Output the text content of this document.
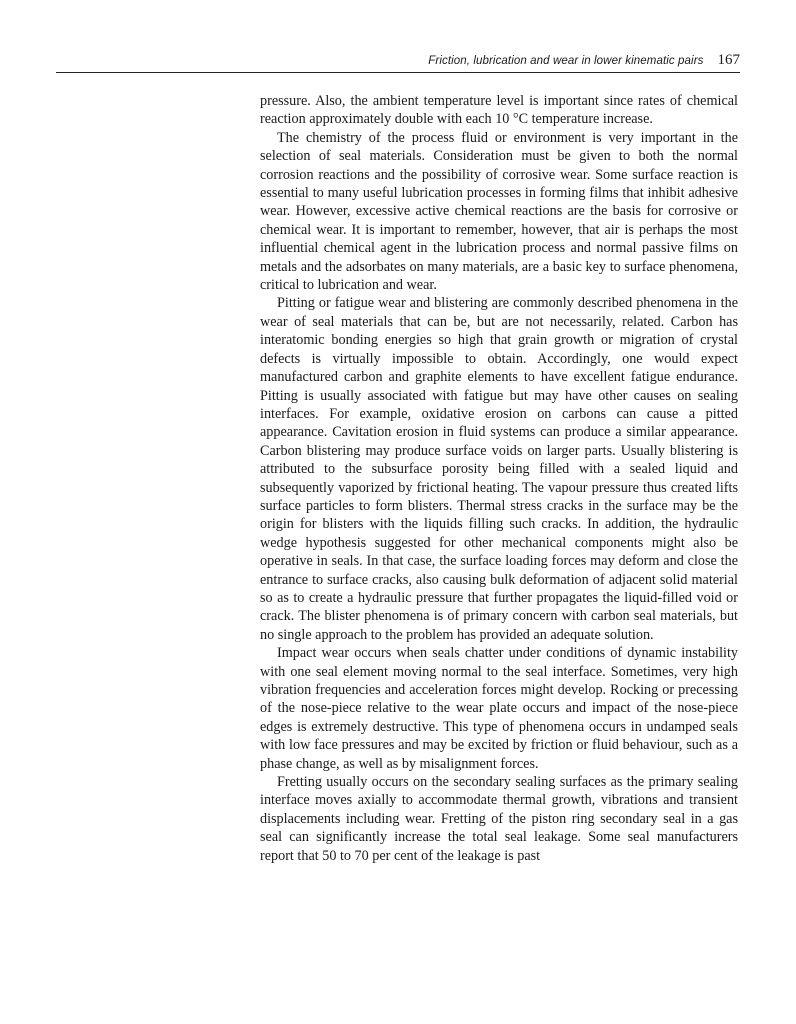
Friction, lubrication and wear in lower kinematic pairs 167

pressure. Also, the ambient temperature level is important since rates of chemical reaction approximately double with each 10 °C temperature increase.

The chemistry of the process fluid or environment is very important in the selection of seal materials. Consideration must be given to both the normal corrosion reactions and the possibility of corrosive wear. Some surface reaction is essential to many useful lubrication processes in forming films that inhibit adhesive wear. However, excessive active chemical reactions are the basis for corrosive or chemical wear. It is important to remember, however, that air is perhaps the most influential chemical agent in the lubrication process and normal passive films on metals and the adsorbates on many materials, are a basic key to surface phenomena, critical to lubrication and wear.

Pitting or fatigue wear and blistering are commonly described phenomena in the wear of seal materials that can be, but are not necessarily, related. Carbon has interatomic bonding energies so high that grain growth or migration of crystal defects is virtually impossible to obtain. Accordingly, one would expect manufactured carbon and graphite elements to have excellent fatigue endurance. Pitting is usually associated with fatigue but may have other causes on sealing interfaces. For example, oxidative erosion on carbons can cause a pitted appearance. Cavitation erosion in fluid systems can produce a similar appearance. Carbon blistering may produce surface voids on larger parts. Usually blistering is attributed to the subsurface porosity being filled with a sealed liquid and subsequently vaporized by frictional heating. The vapour pressure thus created lifts surface particles to form blisters. Thermal stress cracks in the surface may be the origin for blisters with the liquids filling such cracks. In addition, the hydraulic wedge hypothesis suggested for other mechanical components might also be operative in seals. In that case, the surface loading forces may deform and close the entrance to surface cracks, also causing bulk deformation of adjacent solid material so as to create a hydraulic pressure that further propagates the liquid-filled void or crack. The blister phenomena is of primary concern with carbon seal materials, but no single approach to the problem has provided an adequate solution.

Impact wear occurs when seals chatter under conditions of dynamic instability with one seal element moving normal to the seal interface. Sometimes, very high vibration frequencies and acceleration forces might develop. Rocking or precessing of the nose-piece relative to the wear plate occurs and impact of the nose-piece edges is extremely destructive. This type of phenomena occurs in undamped seals with low face pressures and may be excited by friction or fluid behaviour, such as a phase change, as well as by misalignment forces.

Fretting usually occurs on the secondary sealing surfaces as the primary sealing interface moves axially to accommodate thermal growth, vibrations and transient displacements including wear. Fretting of the piston ring secondary seal in a gas seal can significantly increase the total seal leakage. Some seal manufacturers report that 50 to 70 per cent of the leakage is past
